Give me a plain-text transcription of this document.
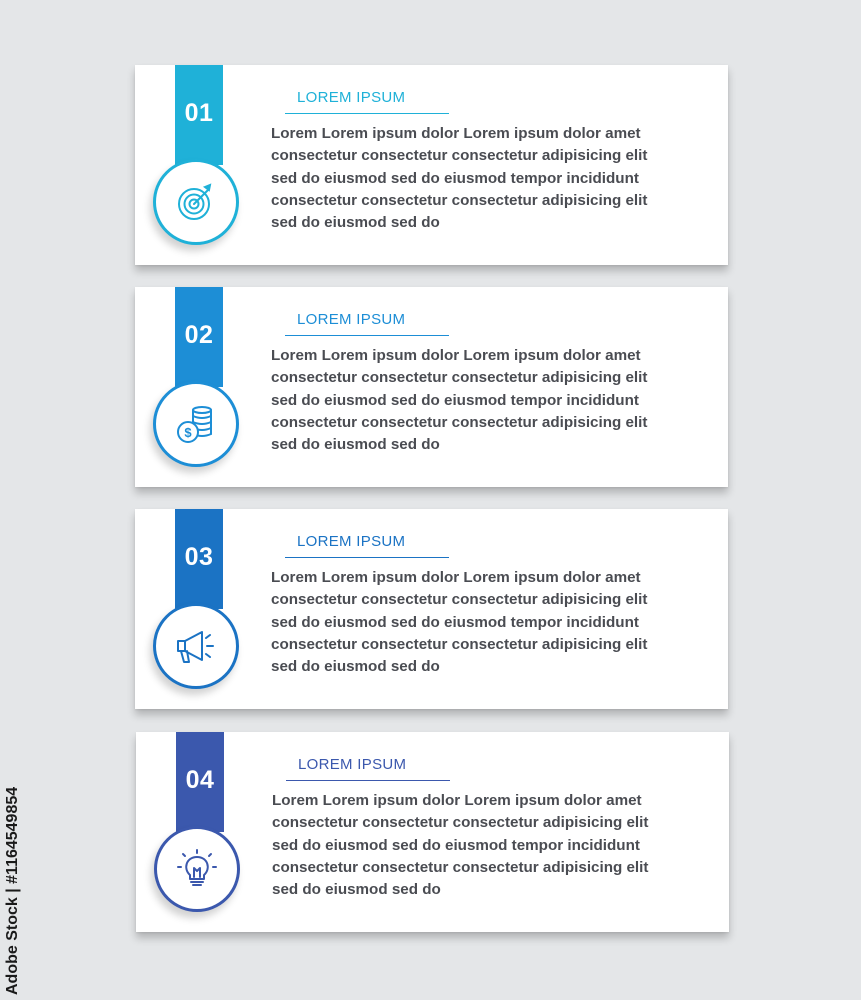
01
LOREM IPSUM
Lorem Lorem ipsum dolor Lorem ipsum dolor amet
consectetur consectetur consectetur adipisicing elit
sed do eiusmod sed do eiusmod tempor incididunt
consectetur consectetur consectetur adipisicing elit
sed do eiusmod sed do
02
$
LOREM IPSUM
Lorem Lorem ipsum dolor Lorem ipsum dolor amet
consectetur consectetur consectetur adipisicing elit
sed do eiusmod sed do eiusmod tempor incididunt
consectetur consectetur consectetur adipisicing elit
sed do eiusmod sed do
03
LOREM IPSUM
Lorem Lorem ipsum dolor Lorem ipsum dolor amet
consectetur consectetur consectetur adipisicing elit
sed do eiusmod sed do eiusmod tempor incididunt
consectetur consectetur consectetur adipisicing elit
sed do eiusmod sed do
04
LOREM IPSUM
Lorem Lorem ipsum dolor Lorem ipsum dolor amet
consectetur consectetur consectetur adipisicing elit
sed do eiusmod sed do eiusmod tempor incididunt
consectetur consectetur consectetur adipisicing elit
sed do eiusmod sed do
Adobe Stock | #1164549854
